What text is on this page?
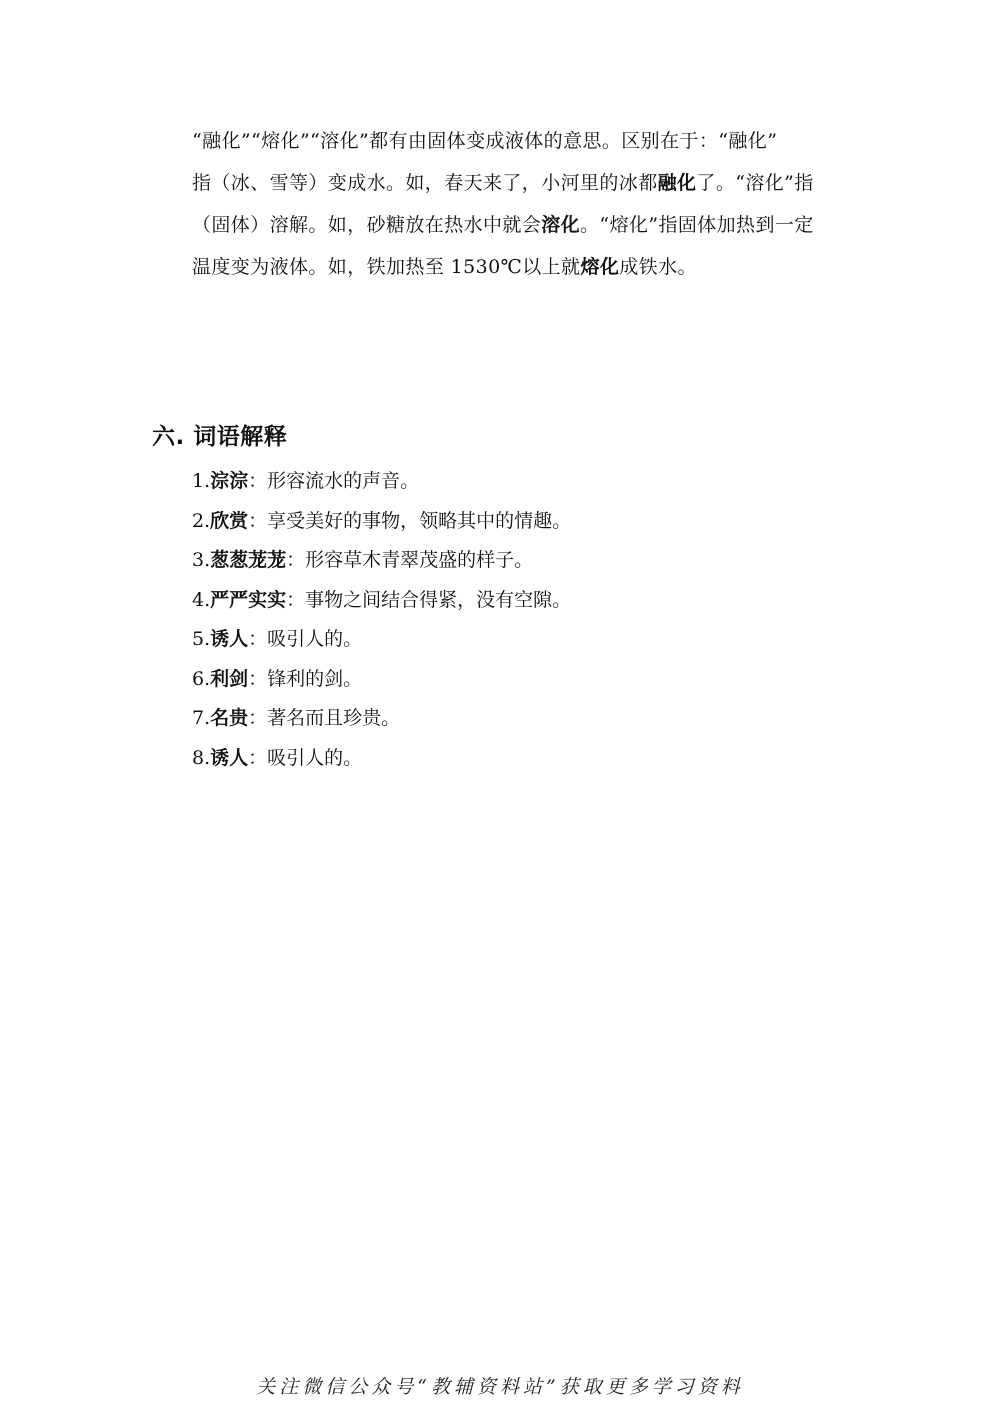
“融化”“熔化”“溶化”都有由固体变成液体的意思。区别在于：“融化”
指（冰、雪等）变成水。如，春天来了，小河里的冰都融化了。“溶化”指
（固体）溶解。如，砂糖放在热水中就会溶化。“熔化”指固体加热到一定
温度变为液体。如，铁加热至 1530℃以上就熔化成铁水。
六. 词语解释
1.淙淙：形容流水的声音。
2.欣赏：享受美好的事物，领略其中的情趣。
3.葱葱茏茏：形容草木青翠茂盛的样子。
4.严严实实：事物之间结合得紧，没有空隙。
5.诱人：吸引人的。
6.利剑：锋利的剑。
7.名贵：著名而且珍贵。
8.诱人：吸引人的。
关注微信公众号“教辅资料站”获取更多学习资料
